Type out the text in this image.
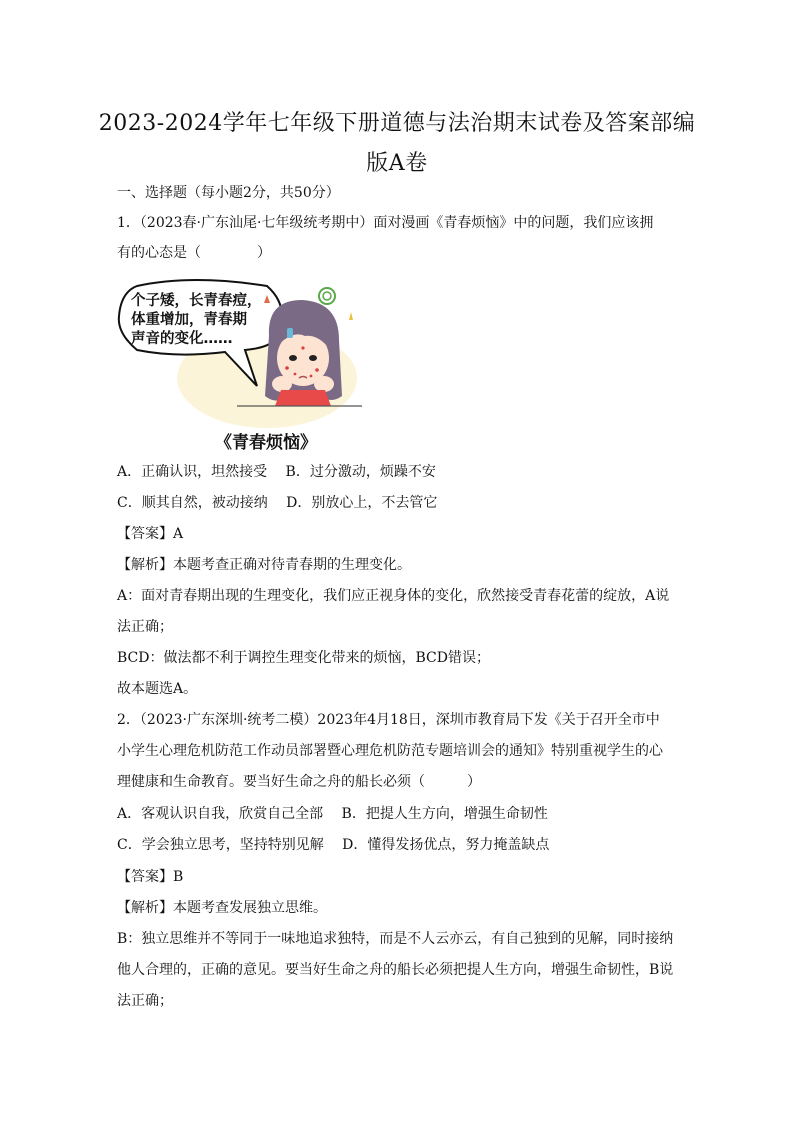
2023-2024学年七年级下册道德与法治期末试卷及答案部编
版A卷
一、选择题（每小题2分，共50分）
1．（2023春·广东汕尾·七年级统考期中）面对漫画《青春烦恼》中的问题，我们应该拥
有的心态是（　　　　）
个子矮，长青春痘，
体重增加，青春期
声音的变化……
《青春烦恼》
A．正确认识，坦然接受　 B．过分激动，烦躁不安
C．顺其自然，被动接纳　 D．别放心上，不去管它
【答案】A
【解析】本题考查正确对待青春期的生理变化。
A：面对青春期出现的生理变化，我们应正视身体的变化，欣然接受青春花蕾的绽放，A说
法正确；
BCD：做法都不利于调控生理变化带来的烦恼，BCD错误；
故本题选A。
2．（2023·广东深圳·统考二模）2023年4月18日，深圳市教育局下发《关于召开全市中
小学生心理危机防范工作动员部署暨心理危机防范专题培训会的通知》特别重视学生的心
理健康和生命教育。要当好生命之舟的船长必须（　　　）
A．客观认识自我，欣赏自己全部　 B．把提人生方向，增强生命韧性
C．学会独立思考，坚持特别见解　 D．懂得发扬优点，努力掩盖缺点
【答案】B
【解析】本题考查发展独立思维。
B：独立思维并不等同于一味地追求独特，而是不人云亦云，有自己独到的见解，同时接纳
他人合理的，正确的意见。要当好生命之舟的船长必须把提人生方向，增强生命韧性，B说
法正确；
